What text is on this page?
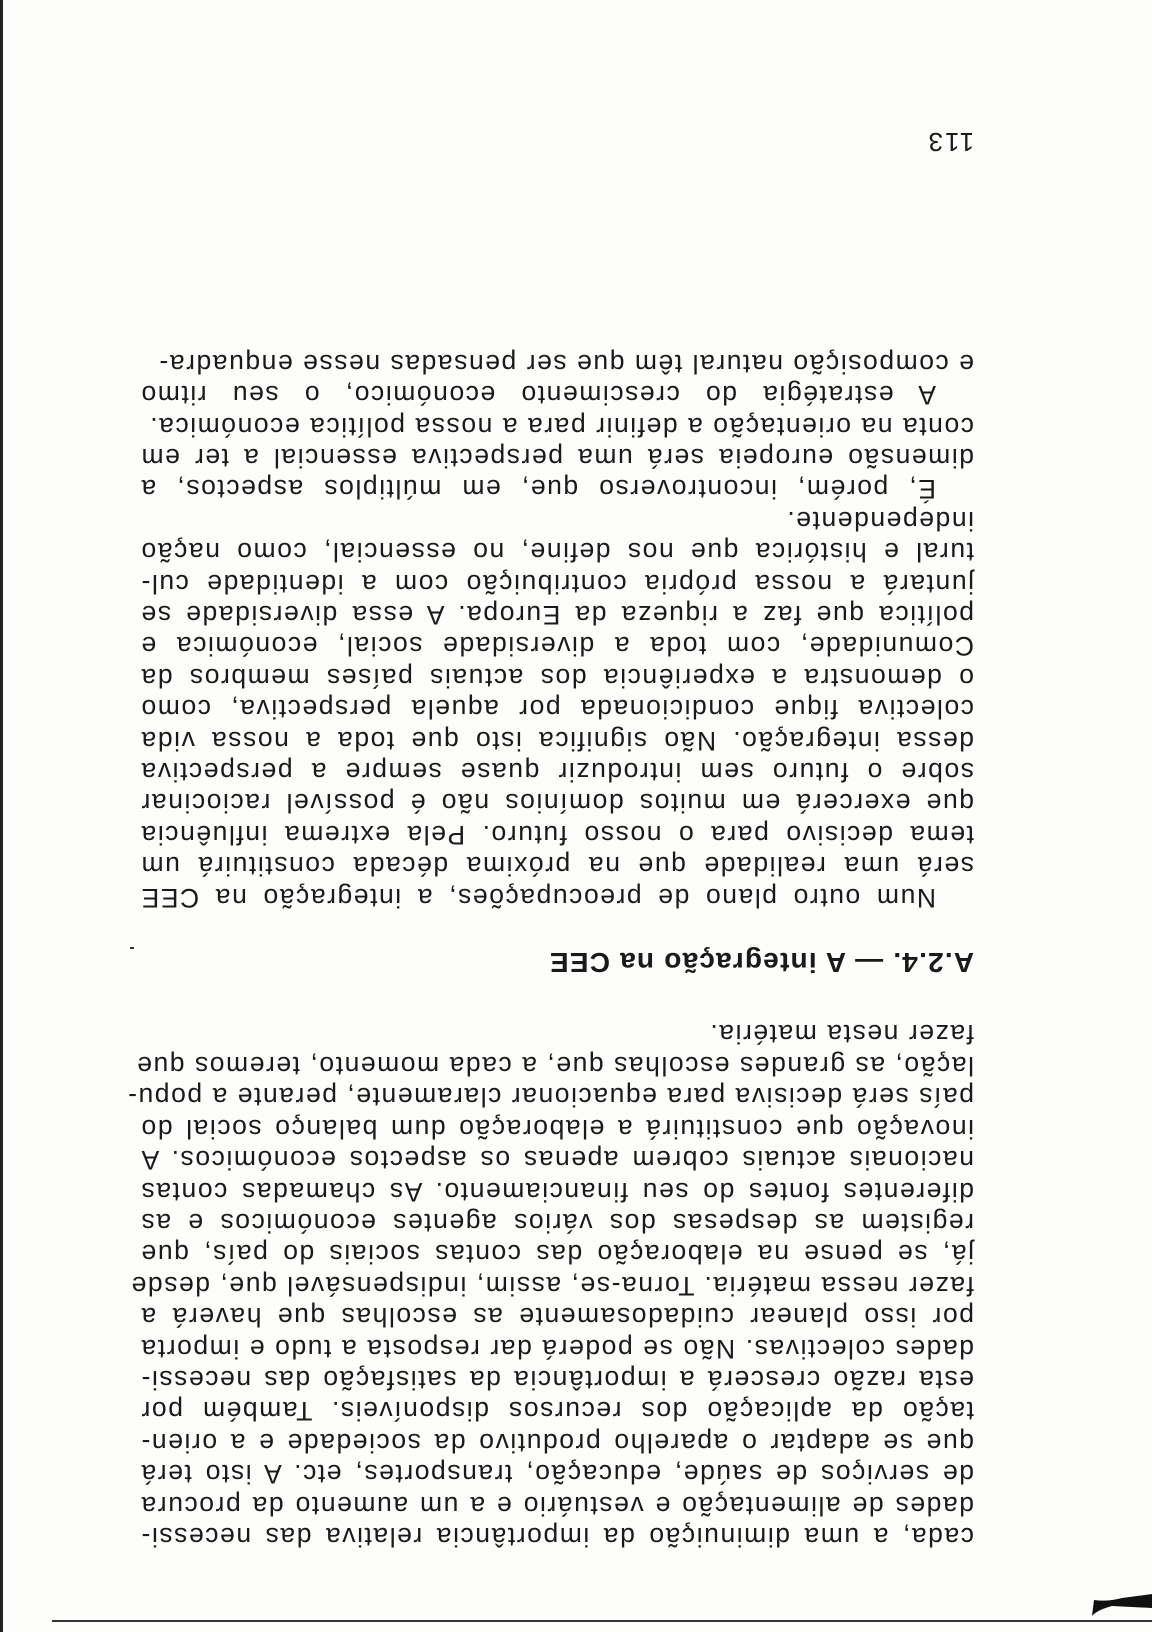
cada, a uma diminuição da importância relativa das necessi-
dades de alimentação e vestuário e a um aumento da procura
de serviços de saúde, educação, transportes, etc. A isto terá
que se adaptar o aparelho produtivo da sociedade e a orien-
tação da aplicação dos recursos disponíveis. Também por
esta razão crescerá a importância da satisfação das necessi-
dades colectivas. Não se poderá dar resposta a tudo e importa
por isso planear cuidadosamente as escolhas que haverá a
fazer nessa matéria. Torna-se, assim, indispensável que, desde
já, se pense na elaboração das contas sociais do país, que
registem as despesas dos vários agentes económicos e as
diferentes fontes do seu financiamento. As chamadas contas
nacionais actuais cobrem apenas os aspectos económicos. A
inovação que constituirá a elaboração dum balanço social do
país será decisiva para equacionar claramente, perante a popu-
lação, as grandes escolhas que, a cada momento, teremos que
fazer nesta matéria.
A.2.4. — A integração na CEE
Num outro plano de preocupações, a integração na CEE
será uma realidade que na próxima década constituirá um
tema decisivo para o nosso futuro. Pela extrema influência
que exercerá em muitos domínios não é possível raciocinar
sobre o futuro sem introduzir quase sempre a perspectiva
dessa integração. Não significa isto que toda a nossa vida
colectiva fique condicionada por aquela perspectiva, como
o demonstra a experiência dos actuais países membros da
Comunidade, com toda a diversidade social, económica e
política que faz a riqueza da Europa. A essa diversidade se
juntará a nossa própria contribuição com a identidade cul-
tural e histórica que nos define, no essencial, como nação
independente.
É, porém, incontroverso que, em múltiplos aspectos, a
dimensão europeia será uma perspectiva essencial a ter em
conta na orientação a definir para a nossa política económica.
A estratégia do crescimento económico, o seu ritmo
e composição natural têm que ser pensadas nesse enquadra-
113
